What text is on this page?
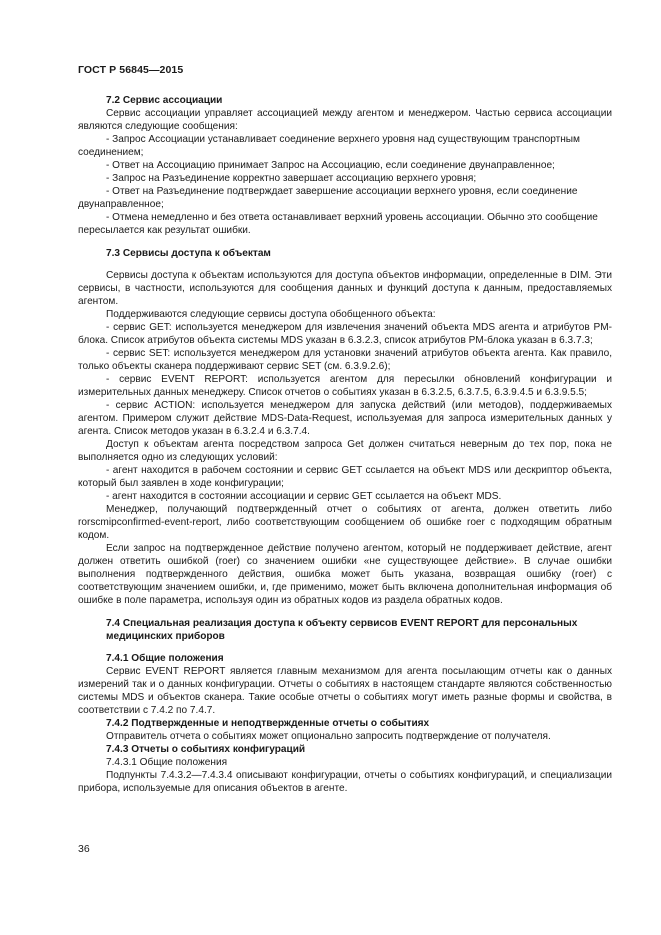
ГОСТ Р 56845—2015
7.2 Сервис ассоциации

Сервис ассоциации управляет ассоциацией между агентом и менеджером. Частью сервиса ассоциации являются следующие сообщения:

- Запрос Ассоциации устанавливает соединение верхнего уровня над существующим транспортным соединением;

- Ответ на Ассоциацию принимает Запрос на Ассоциацию, если соединение двунаправленное;

- Запрос на Разъединение корректно завершает ассоциацию верхнего уровня;

- Ответ на Разъединение подтверждает завершение ассоциации верхнего уровня, если соединение двунаправленное;

- Отмена немедленно и без ответа останавливает верхний уровень ассоциации. Обычно это сообщение пересылается как результат ошибки.

7.3 Сервисы доступа к объектам

Сервисы доступа к объектам используются для доступа объектов информации, определенные в DIM. Эти сервисы, в частности, используются для сообщения данных и функций доступа к данным, предоставляемых агентом.

Поддерживаются следующие сервисы доступа обобщенного объекта:

- сервис GET: используется менеджером для извлечения значений объекта MDS агента и атрибутов PM-блока. Список атрибутов объекта системы MDS указан в 6.3.2.3, список атрибутов PM-блока указан в 6.3.7.3;

- сервис SET: используется менеджером для установки значений атрибутов объекта агента. Как правило, только объекты сканера поддерживают сервис SET (см. 6.3.9.2.6);

- сервис EVENT REPORT: используется агентом для пересылки обновлений конфигурации и измерительных данных менеджеру. Список отчетов о событиях указан в 6.3.2.5, 6.3.7.5, 6.3.9.4.5 и 6.3.9.5.5;

- сервис ACTION: используется менеджером для запуска действий (или методов), поддерживаемых агентом. Примером служит действие MDS-Data-Request, используемая для запроса измерительных данных у агента. Список методов указан в 6.3.2.4 и 6.3.7.4.

Доступ к объектам агента посредством запроса Get должен считаться неверным до тех пор, пока не выполняется одно из следующих условий:

- агент находится в рабочем состоянии и сервис GET ссылается на объект MDS или дескриптор объекта, который был заявлен в ходе конфигурации;

- агент находится в состоянии ассоциации и сервис GET ссылается на объект MDS.

Менеджер, получающий подтвержденный отчет о событиях от агента, должен ответить либо rorscmipconfirmed-event-report, либо соответствующим сообщением об ошибке roer с подходящим обратным кодом.

Если запрос на подтвержденное действие получено агентом, который не поддерживает действие, агент должен ответить ошибкой (roer) со значением ошибки «не существующее действие». В случае ошибки выполнения подтвержденного действия, ошибка может быть указана, возвращая ошибку (roer) с соответствующим значением ошибки, и, где применимо, может быть включена дополнительная информация об ошибке в поле параметра, используя один из обратных кодов из раздела обратных кодов.

7.4 Специальная реализация доступа к объекту сервисов EVENT REPORT для персональных медицинских приборов
7.4.1 Общие положения

Сервис EVENT REPORT является главным механизмом для агента посылающим отчеты как о данных измерений так и о данных конфигурации. Отчеты о событиях в настоящем стандарте являются собственностью системы MDS и объектов сканера. Такие особые отчеты о событиях могут иметь разные формы и свойства, в соответствии с 7.4.2 по 7.4.7.

7.4.2 Подтвержденные и неподтвержденные отчеты о событиях

Отправитель отчета о событиях может опционально запросить подтверждение от получателя.

7.4.3 Отчеты о событиях конфигураций

7.4.3.1 Общие положения

Подпункты 7.4.3.2—7.4.3.4 описывают конфигурации, отчеты о событиях конфигураций, и специализации прибора, используемые для описания объектов в агенте.

36
